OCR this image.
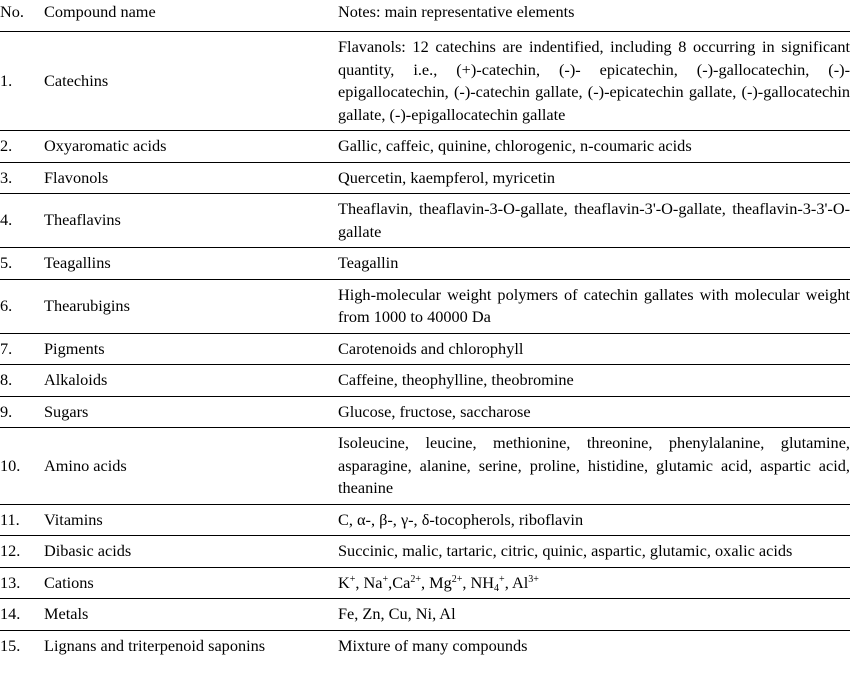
No.	Compound name	Notes: main representative elements
1.	Catechins	Flavanols: 12 catechins are indentified, including 8 occurring in significant quantity, i.e., (+)-catechin, (-)- epicatechin, (-)-gallocatechin, (-)-epigallocatechin, (-)-catechin gallate, (-)-epicatechin gallate, (-)-gallocatechin gallate, (-)-epigallocatechin gallate
2.	Oxyaromatic acids	Gallic, caffeic, quinine, chlorogenic, n-coumaric acids
3.	Flavonols	Quercetin, kaempferol, myricetin
4.	Theaflavins	Theaflavin, theaflavin-3-O-gallate, theaflavin-3'-O-gallate, theaflavin-3-3'-O-gallate
5.	Teagallins	Teagallin
6.	Thearubigins	High-molecular weight polymers of catechin gallates with molecular weight from 1000 to 40000 Da
7.	Pigments	Carotenoids and chlorophyll
8.	Alkaloids	Caffeine, theophylline, theobromine
9.	Sugars	Glucose, fructose, saccharose
10.	Amino acids	Isoleucine, leucine, methionine, threonine, phenylalanine, glutamine, asparagine, alanine, serine, proline, histidine, glutamic acid, aspartic acid, theanine
11.	Vitamins	C, α-, β-, γ-, δ-tocopherols, riboflavin
12.	Dibasic acids	Succinic, malic, tartaric, citric, quinic, aspartic, glutamic, oxalic acids
13.	Cations	K+, $Na^+,Ca^{2+}$, $Mg^{2+}$, $NH_4^+$, $Al^{3+}$
14.	Metals	Fe, Zn, Cu, Ni, Al
15.	Lignans and triterpenoid saponins	Mixture of many compounds
